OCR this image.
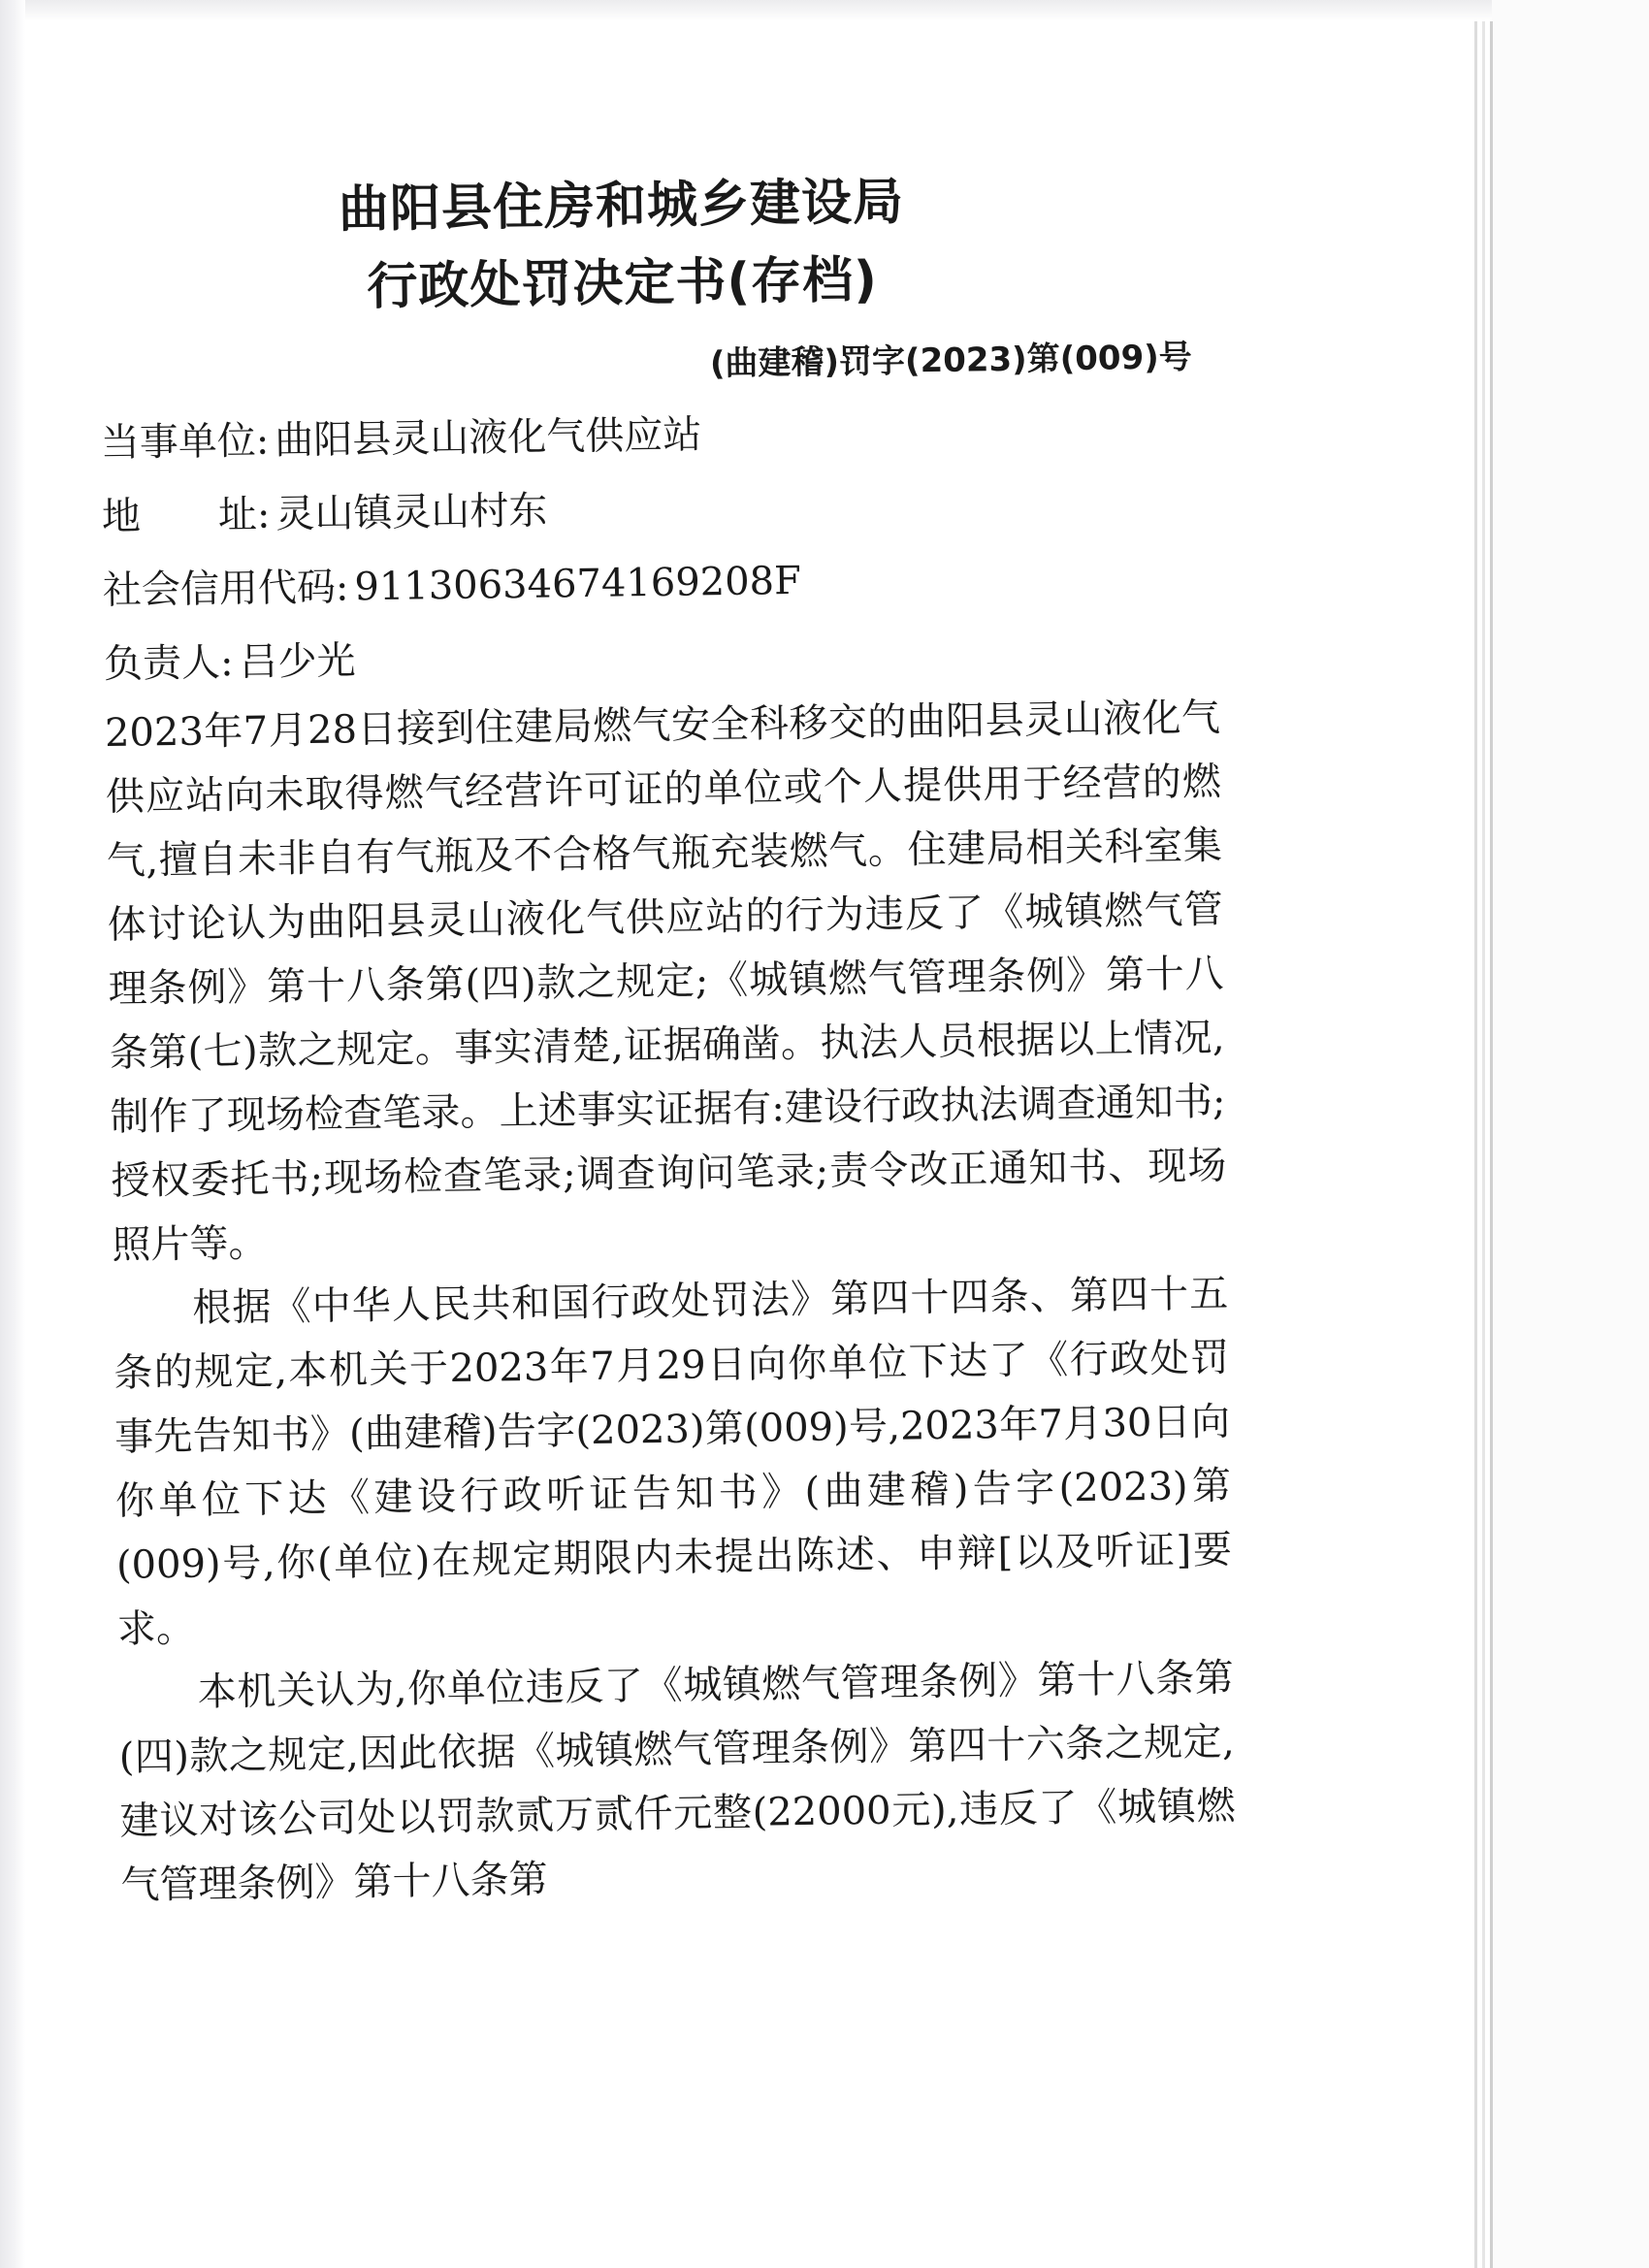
曲阳县住房和城乡建设局
行政处罚决定书(存档)
(曲建稽)罚字(2023)第(009)号
当事单位: 曲阳县灵山液化气供应站
地　　址: 灵山镇灵山村东
社会信用代码: 91130634674169208F
负责人: 吕少光

2023年7月28日接到住建局燃气安全科移交的曲阳县灵山液化气供应站向未取得燃气经营许可证的单位或个人提供用于经营的燃气,擅自未非自有气瓶及不合格气瓶充装燃气。住建局相关科室集体讨论认为曲阳县灵山液化气供应站的行为违反了《城镇燃气管理条例》第十八条第(四)款之规定;《城镇燃气管理条例》第十八条第(七)款之规定。事实清楚,证据确凿。执法人员根据以上情况,制作了现场检查笔录。上述事实证据有:建设行政执法调查通知书;授权委托书;现场检查笔录;调查询问笔录;责令改正通知书、现场照片等。

根据《中华人民共和国行政处罚法》第四十四条、第四十五条的规定,本机关于2023年7月29日向你单位下达了《行政处罚事先告知书》(曲建稽)告字(2023)第(009)号,2023年7月30日向你单位下达《建设行政听证告知书》(曲建稽)告字(2023)第(009)号,你(单位)在规定期限内未提出陈述、申辩[以及听证]要求。

本机关认为,你单位违反了《城镇燃气管理条例》第十八条第(四)款之规定,因此依据《城镇燃气管理条例》第四十六条之规定,建议对该公司处以罚款贰万贰仟元整(22000元),违反了《城镇燃气管理条例》第十八条第
